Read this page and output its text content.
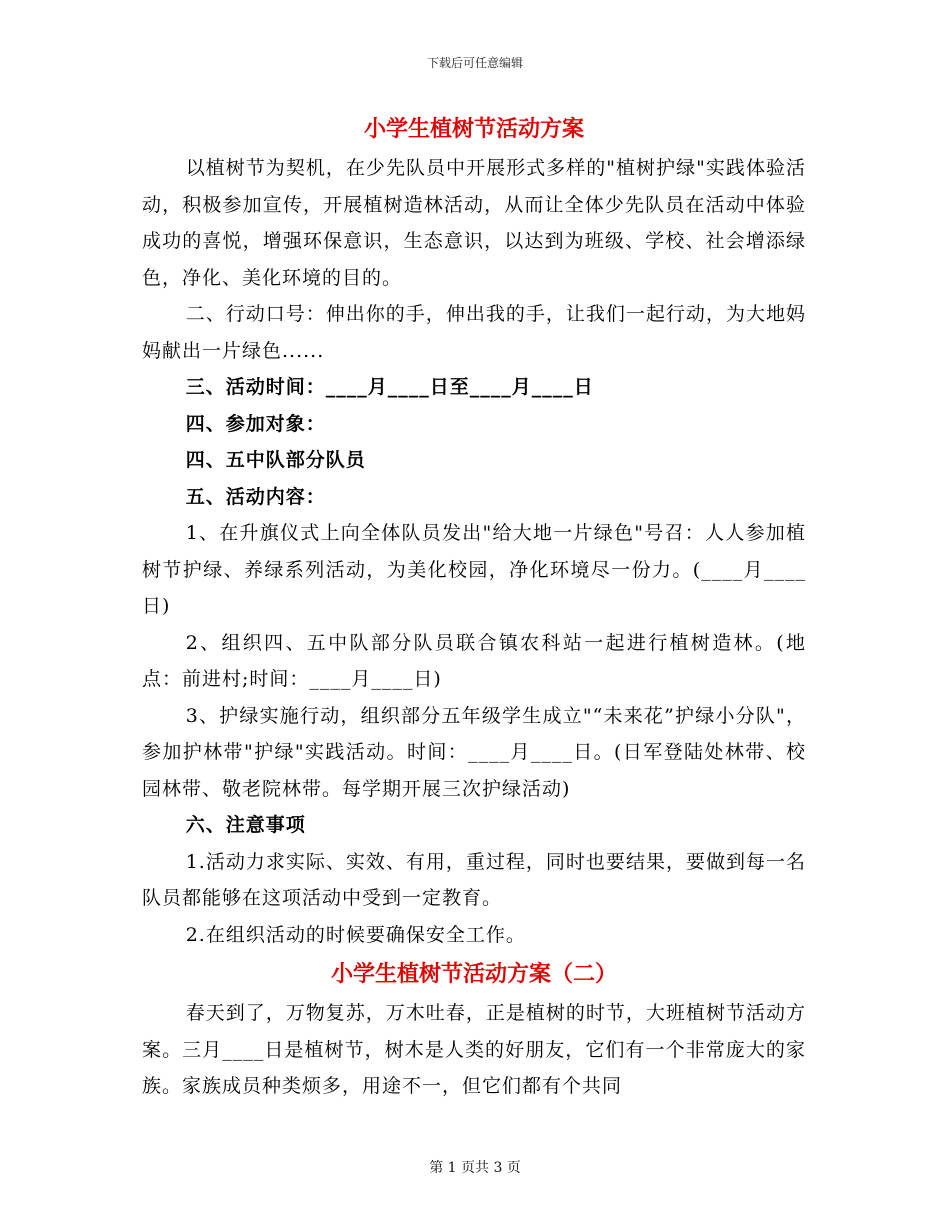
下载后可任意编辑
小学生植树节活动方案

以植树节为契机，在少先队员中开展形式多样的"植树护绿"实践体验活动，积极参加宣传，开展植树造林活动，从而让全体少先队员在活动中体验成功的喜悦，增强环保意识，生态意识，以达到为班级、学校、社会增添绿色，净化、美化环境的目的。

二、行动口号：伸出你的手，伸出我的手，让我们一起行动，为大地妈妈献出一片绿色......

三、活动时间：____月____日至____月____日

四、参加对象：

四、五中队部分队员

五、活动内容：

1、在升旗仪式上向全体队员发出"给大地一片绿色"号召：人人参加植树节护绿、养绿系列活动，为美化校园，净化环境尽一份力。(____月____日)

2、组织四、五中队部分队员联合镇农科站一起进行植树造林。(地点：前进村;时间：____月____日)

3、护绿实施行动，组织部分五年级学生成立"“未来花”护绿小分队"，参加护林带"护绿"实践活动。时间：____月____日。(日军登陆处林带、校园林带、敬老院林带。每学期开展三次护绿活动)

六、注意事项

1.活动力求实际、实效、有用，重过程，同时也要结果，要做到每一名队员都能够在这项活动中受到一定教育。

2.在组织活动的时候要确保安全工作。

小学生植树节活动方案（二）

春天到了，万物复苏，万木吐春，正是植树的时节，大班植树节活动方案。三月____日是植树节，树木是人类的好朋友，它们有一个非常庞大的家族。家族成员种类烦多，用途不一，但它们都有个共同

第 1 页共 3 页
